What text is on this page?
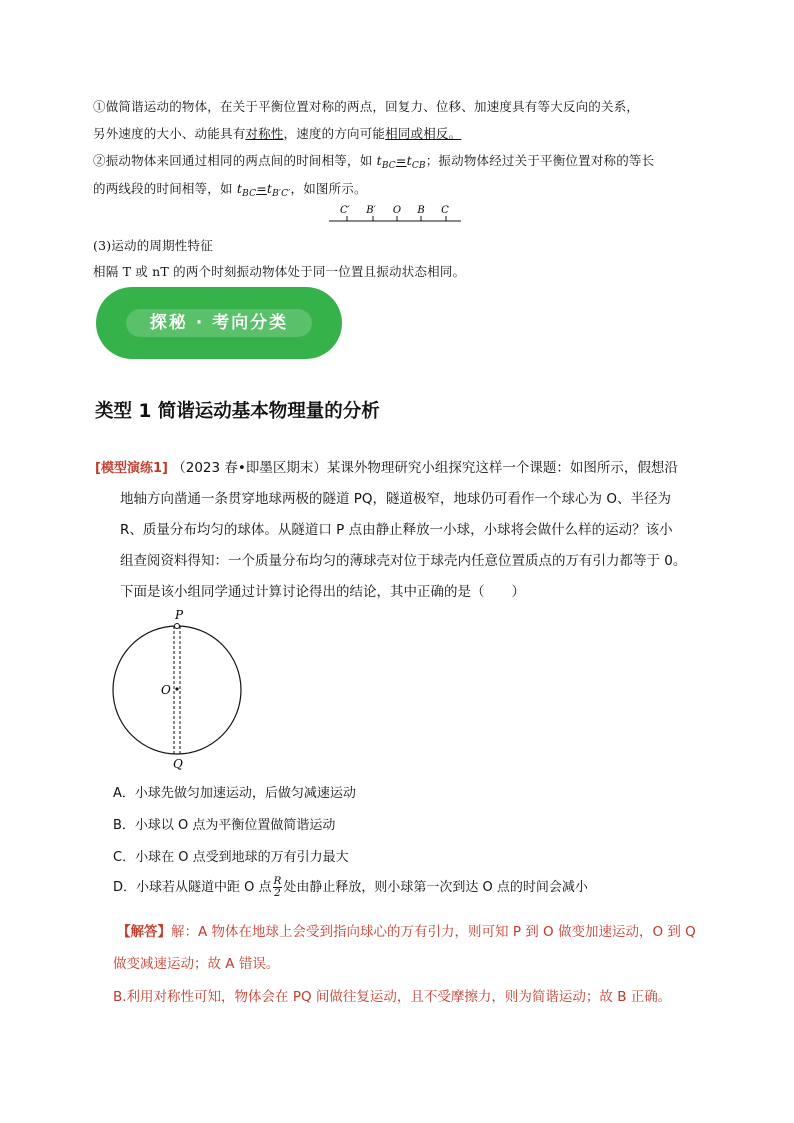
①做简谐运动的物体，在关于平衡位置对称的两点，回复力、位移、加速度具有等大反向的关系，
另外速度的大小、动能具有对称性，速度的方向可能相同或相反。
②振动物体来回通过相同的两点间的时间相等，如 $t_{BC}=t_{CB}$；振动物体经过关于平衡位置对称的等长
的两线段的时间相等，如 $t_{BC}=t_{B'C'}$，如图所示。
C′ B′ O B C
(3)运动的周期性特征
相隔 T 或 nT 的两个时刻振动物体处于同一位置且振动状态相同。
探秘 · 考向分类
类型 1 简谐运动基本物理量的分析
[模型演练1] （2023 春•即墨区期末）某课外物理研究小组探究这样一个课题：如图所示，假想沿
地轴方向凿通一条贯穿地球两极的隧道 PQ，隧道极窄，地球仍可看作一个球心为 O、半径为
R、质量分布均匀的球体。从隧道口 P 点由静止释放一小球，小球将会做什么样的运动？该小
组查阅资料得知：一个质量分布均匀的薄球壳对位于球壳内任意位置质点的万有引力都等于 0。
下面是该小组同学通过计算讨论得出的结论，其中正确的是（　　）
P
O
Q
A．小球先做匀加速运动，后做匀减速运动
B．小球以 O 点为平衡位置做简谐运动
C．小球在 O 点受到地球的万有引力最大
D．小球若从隧道中距 O 点 $\frac{R}{2}$ 处由静止释放，则小球第一次到达 O 点的时间会减小
【解答】解：A 物体在地球上会受到指向球心的万有引力，则可知 P 到 O 做变加速运动，O 到 Q
做变减速运动；故 A 错误。
B.利用对称性可知，物体会在 PQ 间做往复运动，且不受摩擦力，则为简谐运动；故 B 正确。
